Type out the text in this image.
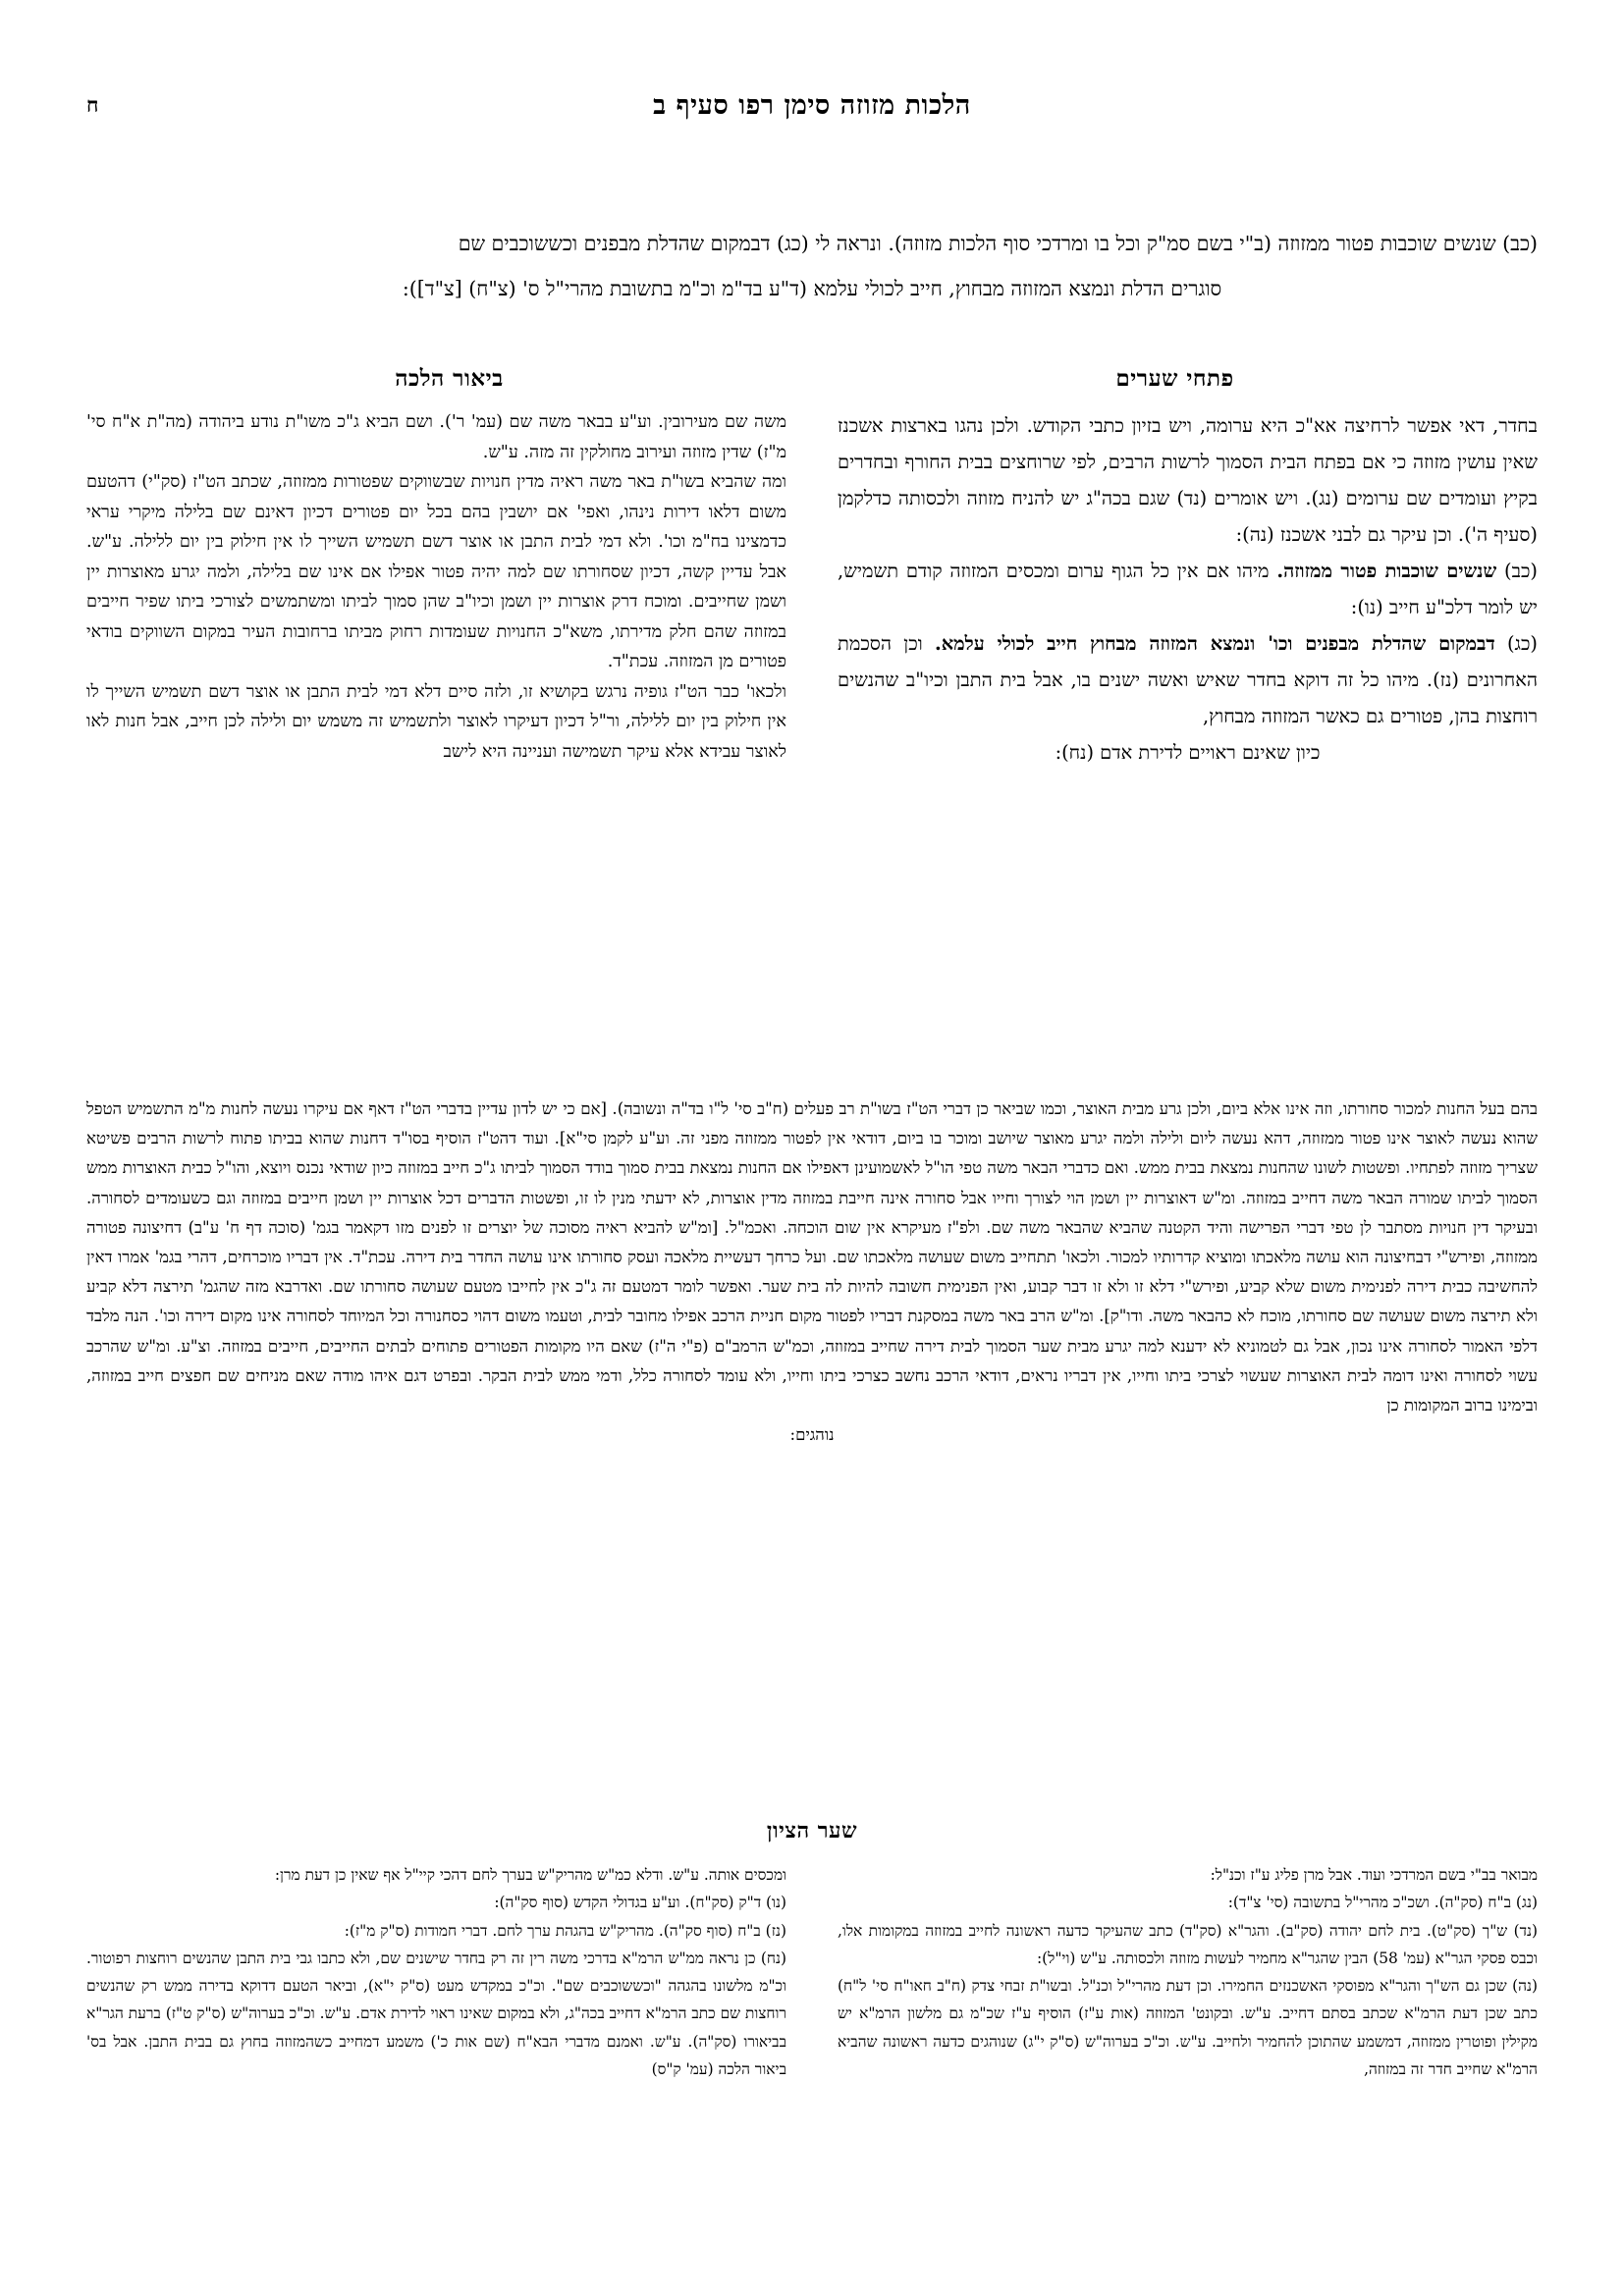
ח	הלכות מזוזה סימן רפו סעיף ב

(כב) שנשים שוכבות פטור ממזוזה (ב"י בשם סמ"ק וכל בו ומרדכי סוף הלכות מזוזה). ונראה לי (כג) דבמקום שהדלת מבפנים וכששוכבים שם

סוגרים הדלת ונמצא המזוזה מבחוץ, חייב לכולי עלמא (ד"ע בד"מ וכ"מ בתשובת מהרי"ל ס' (צ"ח) [צ"ד]):

פתחי שערים
ביאור הלכה

בחדר, דאי אפשר לרחיצה אא"כ היא ערומה, ויש בזיון כתבי הקודש. ולכן נהגו בארצות אשכנז שאין עושין מזוזה כי אם בפתח הבית הסמוך לרשות הרבים, לפי שרוחצים בבית החורף ובחדרים בקיץ ועומדים שם ערומים (נג). ויש אומרים (נד) שגם בכה"ג יש להניח מזוזה ולכסותה כדלקמן (סעיף ה'). וכן עיקר גם לבני אשכנז (נה):

(כב) שנשים שוכבות פטור ממזוזה. מיהו אם אין כל הגוף ערום ומכסים המזוזה קודם תשמיש, יש לומר דלכ"ע חייב (נו):

(כג) דבמקום שהדלת מבפנים וכו' ונמצא המזוזה מבחוץ חייב לכולי עלמא. וכן הסכמת האחרונים (נז). מיהו כל זה דוקא בחדר שאיש ואשה ישנים בו, אבל בית התבן וכיו"ב שהנשים רוחצות בהן, פטורים גם כאשר המזוזה מבחוץ,

כיון שאינם ראויים לדירת אדם (נח):

משה שם מעירובין. וע"ע בבאר משה שם (עמ' ר'). ושם הביא ג"כ משו"ת נודע ביהודה (מה"ת א"ח סי' מ"ז) שדין מזוזה ועירוב מחולקין זה מזה. ע"ש.

ומה שהביא בשו"ת באר משה ראיה מדין חנויות שבשווקים שפטורות ממזוזה, שכתב הט"ז (סק"י) דהטעם משום דלאו דירות נינהו, ואפי' אם יושבין בהם בכל יום פטורים דכיון דאינם שם בלילה מיקרי עראי כדמצינו בח"מ וכו'. ולא דמי לבית התבן או אוצר דשם תשמיש השייך לו אין חילוק בין יום ללילה. ע"ש. אבל עדיין קשה, דכיון שסחורתו שם למה יהיה פטור אפילו אם אינו שם בלילה, ולמה יגרע מאוצרות יין ושמן שחייבים. ומוכח דרק אוצרות יין ושמן וכיו"ב שהן סמוך לביתו ומשתמשים לצורכי ביתו שפיר חייבים במזוזה שהם חלק מדירתו, משא"כ החנויות שעומדות רחוק מביתו ברחובות העיר במקום השווקים בודאי פטורים מן המזוזה. עכת"ד.

ולכאו' כבר הט"ז גופיה נרגש בקושיא זו, ולזה סיים דלא דמי לבית התבן או אוצר דשם תשמיש השייך לו אין חילוק בין יום ללילה, ור"ל דכיון דעיקרו לאוצר ולתשמיש זה משמש יום ולילה לכן חייב, אבל חנות לאו לאוצר עבידא אלא עיקר תשמישה ועניינה היא לישב

בהם בעל החנות למכור סחורתו, וזה אינו אלא ביום, ולכן גרע מבית האוצר, וכמו שביאר כן דברי הט"ז בשו"ת רב פעלים (ח"ב סי' ל"ו בד"ה ונשובה). [אם כי יש לדון עדיין בדברי הט"ז דאף אם עיקרו נעשה לחנות מ"מ התשמיש הטפל שהוא נעשה לאוצר אינו פטור ממזוזה, דהא נעשה ליום ולילה ולמה יגרע מאוצר שיושב ומוכר בו ביום, דודאי אין לפטור ממזוזה מפני זה. וע"ע לקמן סי"א]. ועוד דהט"ז הוסיף בסו"ד דחנות שהוא בביתו פתוח לרשות הרבים פשיטא שצריך מזוזה לפתחיו. ופשטות לשונו שהחנות נמצאת בבית ממש. ואם כדברי הבאר משה טפי הו"ל לאשמועינן דאפילו אם החנות נמצאת בבית סמוך בודד הסמוך לביתו ג"כ חייב במזוזה כיון שודאי נכנס ויוצא, והו"ל כבית האוצרות ממש הסמוך לביתו שמורה הבאר משה דחייב במזוזה. ומ"ש דאוצרות יין ושמן הוי לצורך וחייו אבל סחורה אינה חייבת במזוזה מדין אוצרות, לא ידעתי מנין לו זו, ופשטות הדברים דכל אוצרות יין ושמן חייבים במזוזה וגם כשעומדים לסחורה. ובעיקר דין חנויות מסתבר לן טפי דברי הפרישה והיד הקטנה שהביא שהבאר משה שם. ולפ"ז מעיקרא אין שום הוכחה. ואכמ"ל. [ומ"ש להביא ראיה מסוכה של יוצרים זו לפנים מזו דקאמר בגמ' (סוכה דף ח' ע"ב) דחיצונה פטורה ממזוזה, ופירש"י דבחיצונה הוא עושה מלאכתו ומוציא קדרותיו למכור. ולכאו' תתחייב משום שעושה מלאכתו שם. ועל כרחך דעשיית מלאכה ועסק סחורתו אינו עושה החדר בית דירה. עכת"ד. אין דבריו מוכרחים, דהרי בגמ' אמרו דאין להחשיבה כבית דירה לפנימית משום שלא קביע, ופירש"י דלא זו ולא זו דבר קבוע, ואין הפנימית חשובה להיות לה בית שער. ואפשר לומר דמטעם זה ג"כ אין לחייבו מטעם שעושה סחורתו שם. ואדרבא מזה שהגמ' תירצה דלא קביע ולא תירצה משום שעושה שם סחורתו, מוכח לא כהבאר משה. ודו"ק]. ומ"ש הרב באר משה במסקנת דבריו לפטור מקום חניית הרכב אפילו מחובר לבית, וטעמו משום דהוי כסחנורה וכל המיוחד לסחורה אינו מקום דירה וכו'. הנה מלבד דלפי האמור לסחורה אינו נכון, אבל גם לטמוניא לא ידענא למה יגרע מבית שער הסמוך לבית דירה שחייב במזוזה, וכמ"ש הרמב"ם (פ"י ה"ז) שאם היו מקומות הפטורים פתוחים לבתים החייבים, חייבים במזוזה. וצ"ע. ומ"ש שהרכב עשוי לסחורה ואינו דומה לבית האוצרות שעשוי לצרכי ביתו וחייו, אין דבריו נראים, דודאי הרכב נחשב כצרכי ביתו וחייו, ולא עומד לסחורה כלל, ודמי ממש לבית הבקר. ובפרט דגם איהו מודה שאם מניחים שם חפצים חייב במזוזה, ובימינו ברוב המקומות כן

נוהגים:

שער הציון

מבואר בב"י בשם המרדכי ועוד. אבל מרן פליג ע"ז וכנ"ל:

(נג) ב"ח (סק"ה). ושכ"כ מהרי"ל בתשובה (סי' צ"ד):

(נד) ש"ך (סק"ט). בית לחם יהודה (סק"ב). והגר"א (סק"ד) כתב שהעיקר כדעה ראשונה לחייב במזוזה במקומות אלו, וכבס פסקי הגר"א (עמ' 58) הבין שהגר"א מחמיר לעשות מזוזה ולכסותה. ע"ש (וי"ל):

(נה) שכן גם הש"ך והגר"א מפוסקי האשכנזים החמירו. וכן דעת מהרי"ל וכנ"ל. ובשו"ת זבחי צדק (ח"ב חאו"ח סי' ל"ח) כתב שכן דעת הרמ"א שכתב בסתם דחייב. ע"ש. ובקונט' המזוזה (אות ע"ז) הוסיף ע"ז שכ"מ גם מלשון הרמ"א יש מקילין ופוטרין ממזוזה, דמשמע שהתוכן להחמיר ולחייב. ע"ש. וכ"כ בערוה"ש (ס"ק י"ג) שנוהגים כדעה ראשונה שהביא הרמ"א שחייב חדר זה במזוזה,

ומכסים אותה. ע"ש. ודלא כמ"ש מהריק"ש בערך לחם דהכי קיי"ל אף שאין כן דעת מרן:

(נו) ד"ק (סק"ח). וע"ע בגדולי הקדש (סוף סק"ה):

(נז) ב"ח (סוף סק"ה). מהריק"ש בהגהת ערך לחם. דברי חמודות (ס"ק מ"ז):

(נח) כן נראה ממ"ש הרמ"א בדרכי משה רין זה רק בחדר שישנים שם, ולא כתבו גבי בית התבן שהנשים רוחצות רפוטור. וכ"מ מלשונו בהגהה "וכששוכבים שם". וכ"כ במקדש מעט (ס"ק י"א), וביאר הטעם דדוקא בדירה ממש רק שהנשים רוחצות שם כתב הרמ"א דחייב בכה"ג, ולא במקום שאינו ראוי לדירת אדם. ע"ש. וכ"כ בערוה"ש (ס"ק ט"ז) ברעת הגר"א בביאורו (סק"ה). ע"ש. ואמנם מדברי הבא"ח (שם אות כ') משמע דמחייב כשהמזוזה בחוץ גם בבית התבן. אבל בס' ביאור הלכה (עמ' ק"ס)
